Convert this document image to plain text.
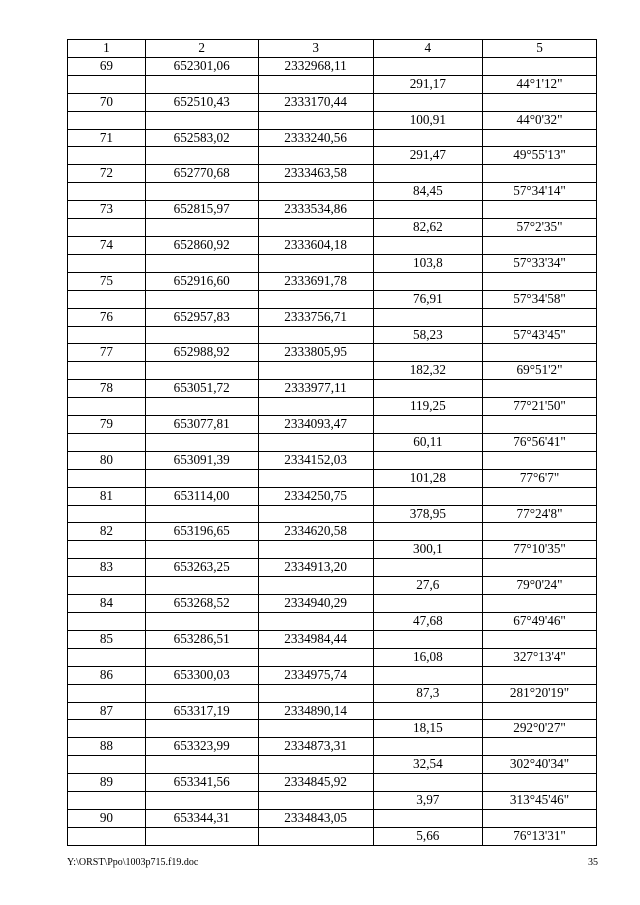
1	2	3	4	5
69	652301,06	2332968,11		
			291,17	44°1'12"
70	652510,43	2333170,44		
			100,91	44°0'32"
71	652583,02	2333240,56		
			291,47	49°55'13"
72	652770,68	2333463,58		
			84,45	57°34'14"
73	652815,97	2333534,86		
			82,62	57°2'35"
74	652860,92	2333604,18		
			103,8	57°33'34"
75	652916,60	2333691,78		
			76,91	57°34'58"
76	652957,83	2333756,71		
			58,23	57°43'45"
77	652988,92	2333805,95		
			182,32	69°51'2"
78	653051,72	2333977,11		
			119,25	77°21'50"
79	653077,81	2334093,47		
			60,11	76°56'41"
80	653091,39	2334152,03		
			101,28	77°6'7"
81	653114,00	2334250,75		
			378,95	77°24'8"
82	653196,65	2334620,58		
			300,1	77°10'35"
83	653263,25	2334913,20		
			27,6	79°0'24"
84	653268,52	2334940,29		
			47,68	67°49'46"
85	653286,51	2334984,44		
			16,08	327°13'4"
86	653300,03	2334975,74		
			87,3	281°20'19"
87	653317,19	2334890,14		
			18,15	292°0'27"
88	653323,99	2334873,31		
			32,54	302°40'34"
89	653341,56	2334845,92		
			3,97	313°45'46"
90	653344,31	2334843,05		
			5,66	76°13'31"
Y:\ORST\Ppo\1003p715.f19.doc	35
